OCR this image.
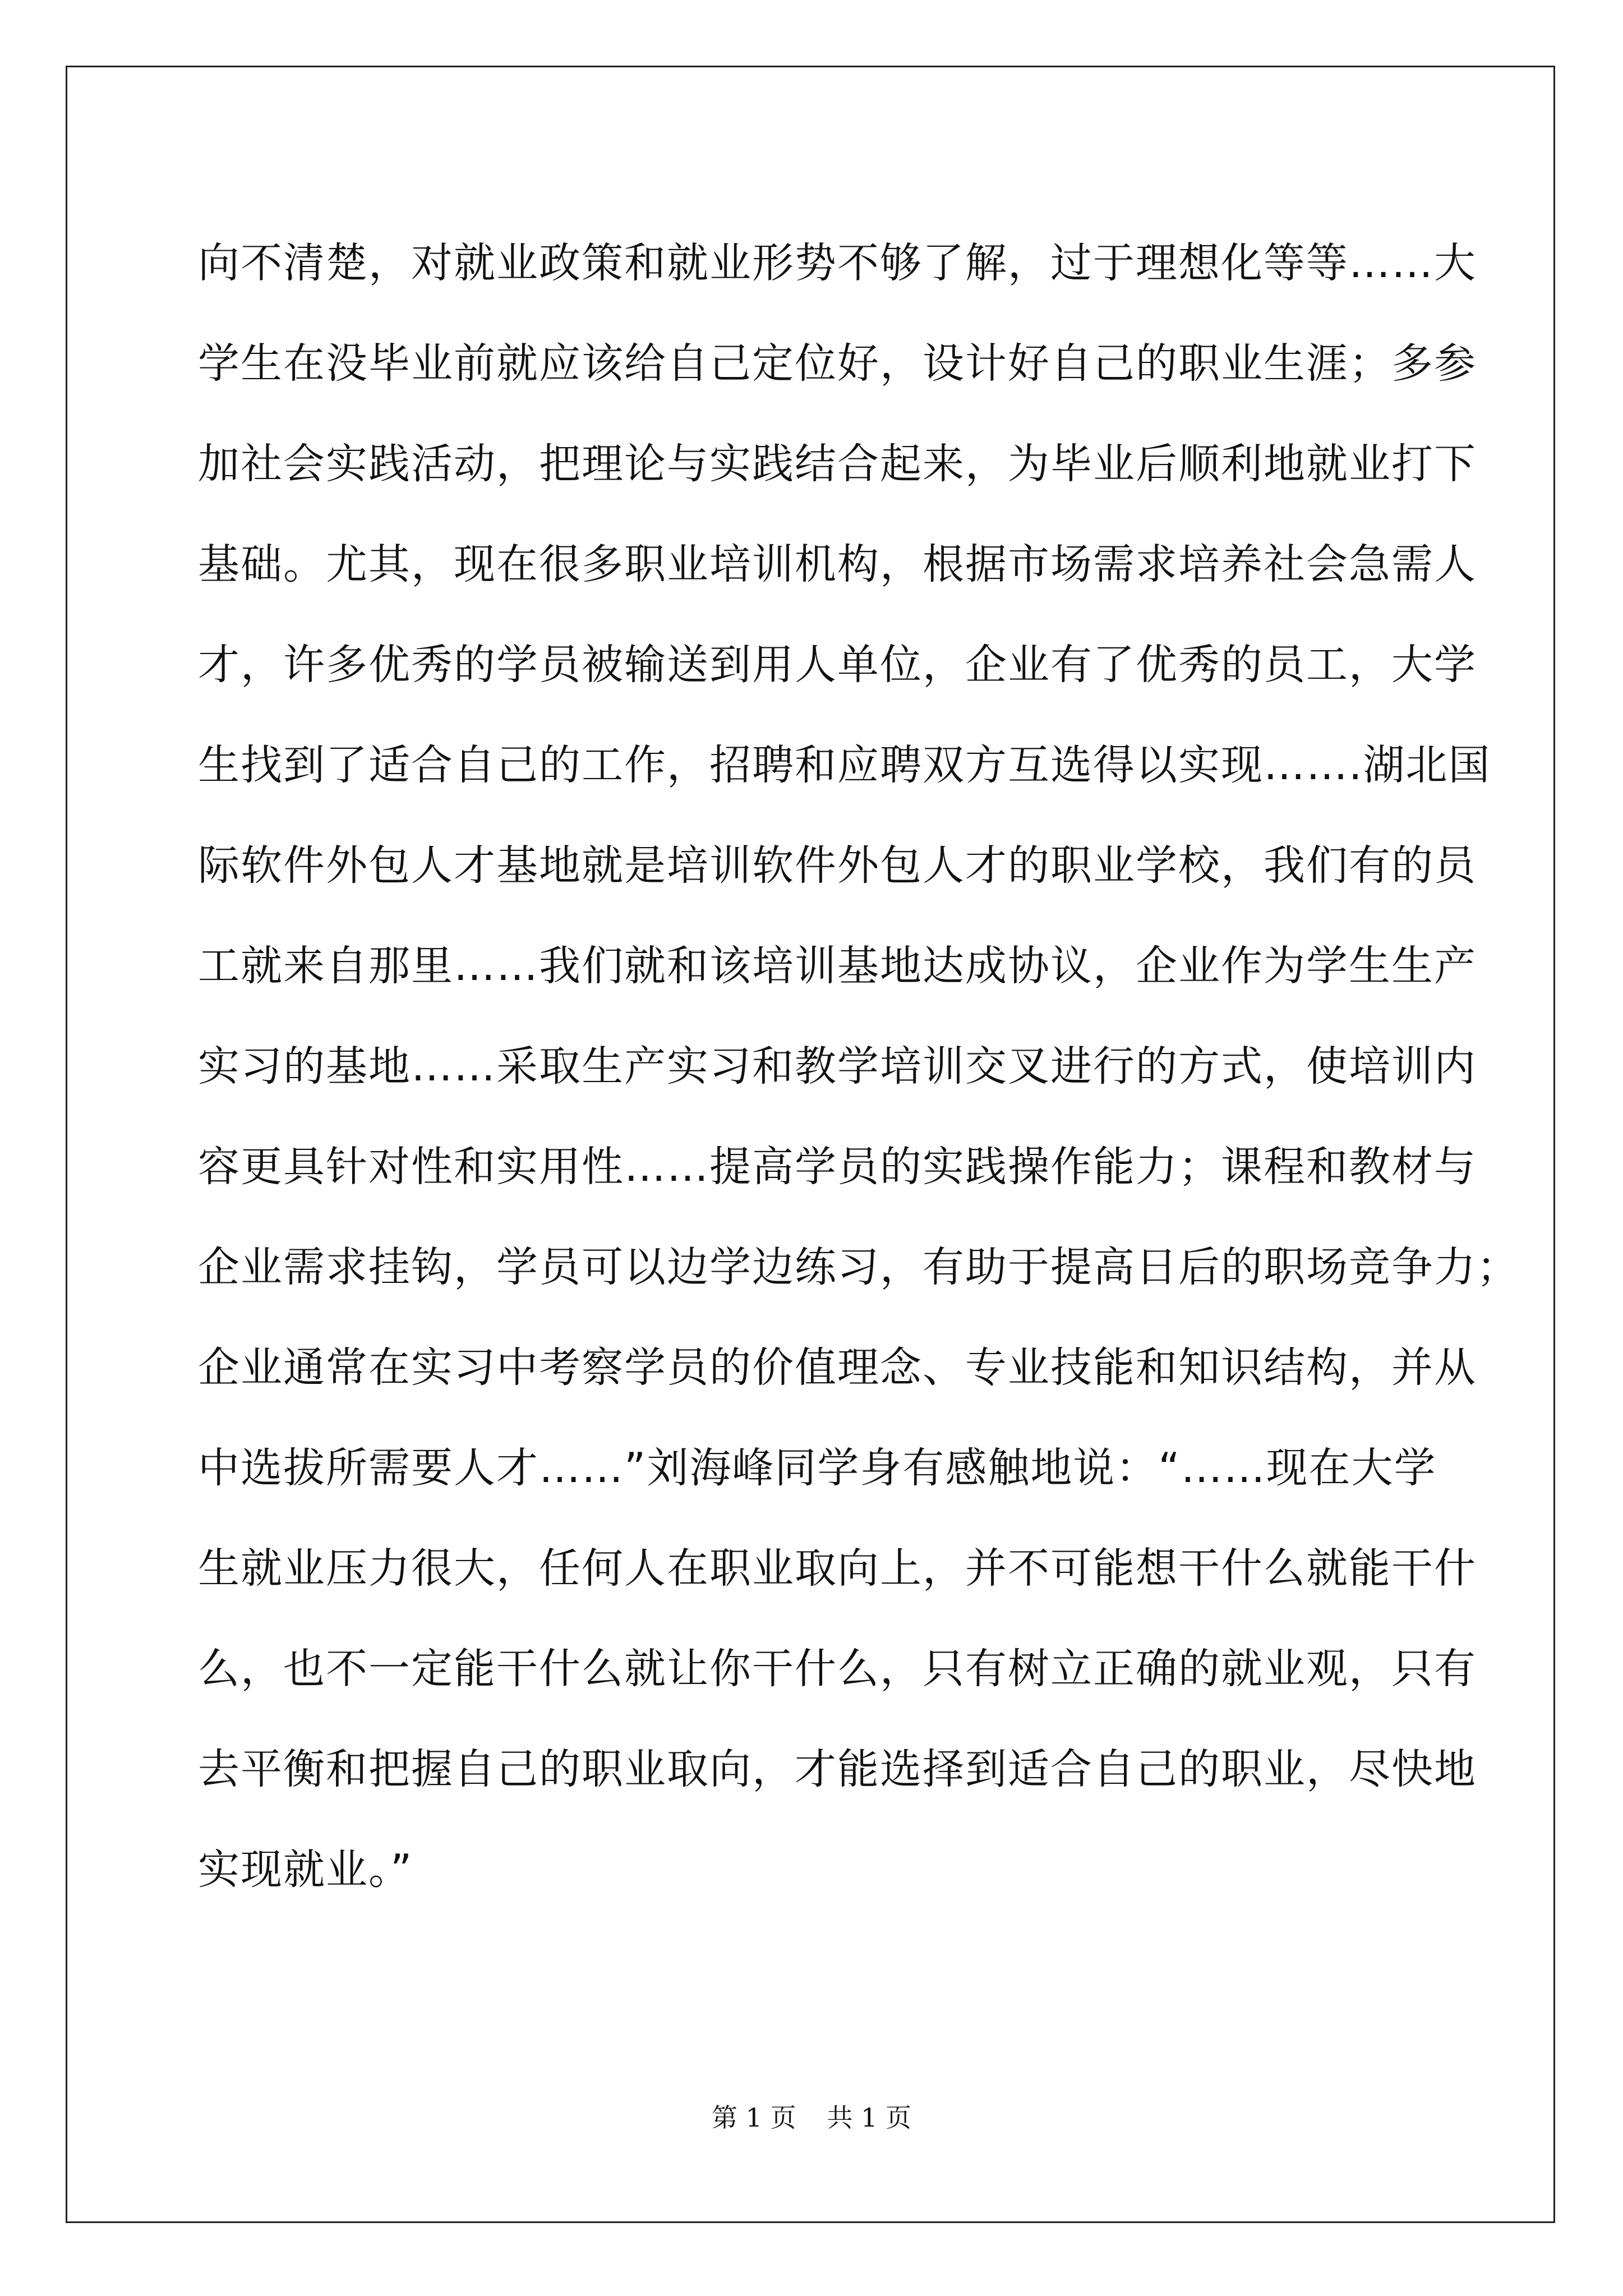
向不清楚，对就业政策和就业形势不够了解，过于理想化等等……大
学生在没毕业前就应该给自己定位好，设计好自己的职业生涯；多参
加社会实践活动，把理论与实践结合起来，为毕业后顺利地就业打下
基础。尤其，现在很多职业培训机构，根据市场需求培养社会急需人
才，许多优秀的学员被输送到用人单位，企业有了优秀的员工，大学
生找到了适合自己的工作，招聘和应聘双方互选得以实现…….湖北国
际软件外包人才基地就是培训软件外包人才的职业学校，我们有的员
工就来自那里……我们就和该培训基地达成协议，企业作为学生生产
实习的基地……采取生产实习和教学培训交叉进行的方式，使培训内
容更具针对性和实用性……提高学员的实践操作能力；课程和教材与
企业需求挂钩，学员可以边学边练习，有助于提高日后的职场竞争力；
企业通常在实习中考察学员的价值理念、专业技能和知识结构，并从
中选拔所需要人才……”刘海峰同学身有感触地说：“……现在大学
生就业压力很大，任何人在职业取向上，并不可能想干什么就能干什
么，也不一定能干什么就让你干什么，只有树立正确的就业观，只有
去平衡和把握自己的职业取向，才能选择到适合自己的职业，尽快地
实现就业。”
第 1 页 共 1 页
